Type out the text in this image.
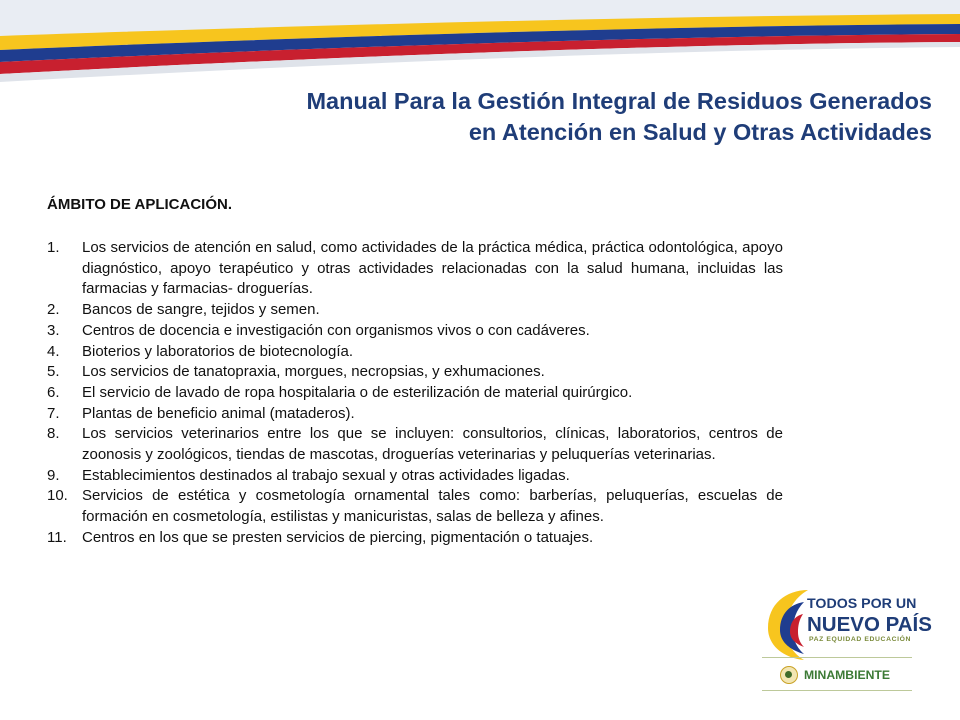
Manual Para la Gestión Integral de Residuos Generados
en Atención en Salud y Otras Actividades
ÁMBITO DE APLICACIÓN.
1. Los servicios de atención en salud, como actividades de la práctica médica, práctica odontológica, apoyo diagnóstico, apoyo terapéutico y otras actividades relacionadas con la salud humana, incluidas las farmacias y farmacias- droguerías.
2. Bancos de sangre, tejidos y semen.
3. Centros de docencia e investigación con organismos vivos o con cadáveres.
4. Bioterios y laboratorios de biotecnología.
5. Los servicios de tanatopraxia, morgues, necropsias, y exhumaciones.
6. El servicio de lavado de ropa hospitalaria o de esterilización de material quirúrgico.
7. Plantas de beneficio animal (mataderos).
8. Los servicios veterinarios entre los que se incluyen: consultorios, clínicas, laboratorios, centros de zoonosis y zoológicos, tiendas de mascotas, droguerías veterinarias y peluquerías veterinarias.
9. Establecimientos destinados al trabajo sexual y otras actividades ligadas.
10. Servicios de estética y cosmetología ornamental tales como: barberías, peluquerías, escuelas de formación en cosmetología, estilistas y manicuristas, salas de belleza y afines.
11. Centros en los que se presten servicios de piercing, pigmentación o tatuajes.
TODOS POR UN
NUEVO PAÍS
PAZ EQUIDAD EDUCACIÓN
MINAMBIENTE
